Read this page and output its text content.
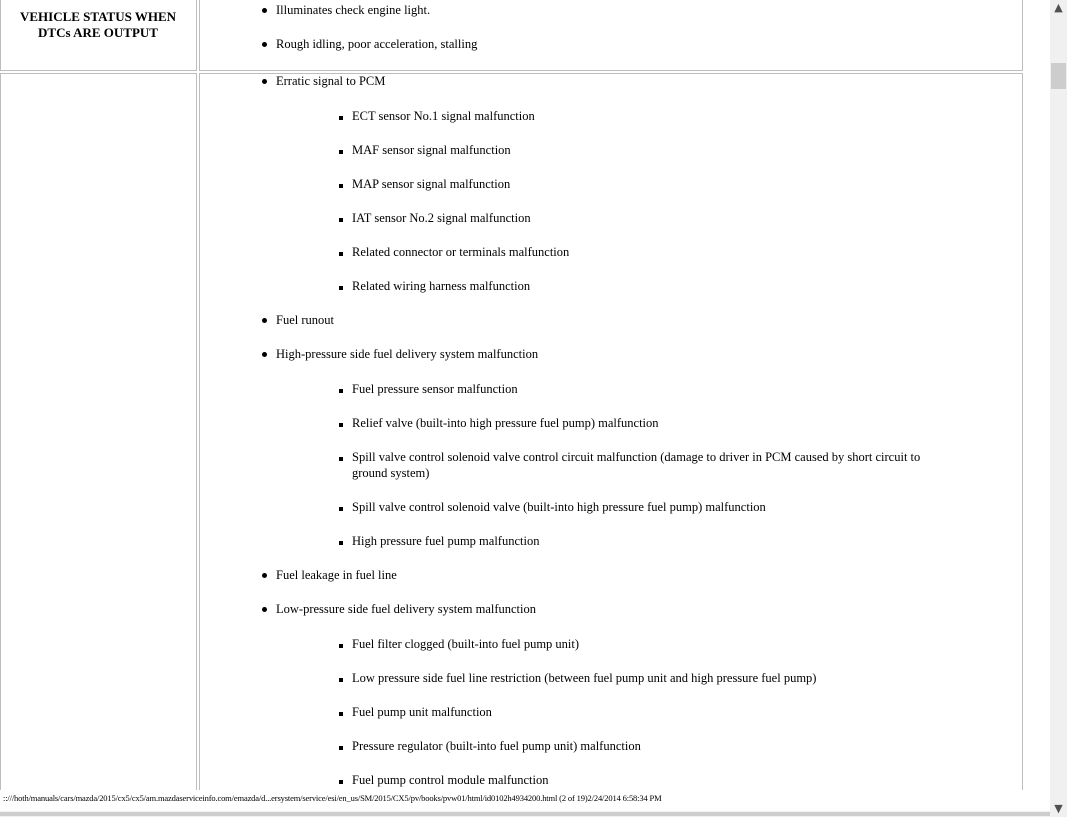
VEHICLE STATUS WHEN DTCs ARE OUTPUT
Illuminates check engine light.
Rough idling, poor acceleration, stalling
Erratic signal to PCM
ECT sensor No.1 signal malfunction
MAF sensor signal malfunction
MAP sensor signal malfunction
IAT sensor No.2 signal malfunction
Related connector or terminals malfunction
Related wiring harness malfunction
Fuel runout
High-pressure side fuel delivery system malfunction
Fuel pressure sensor malfunction
Relief valve (built-into high pressure fuel pump) malfunction
Spill valve control solenoid valve control circuit malfunction (damage to driver in PCM caused by short circuit to ground system)
Spill valve control solenoid valve (built-into high pressure fuel pump) malfunction
High pressure fuel pump malfunction
Fuel leakage in fuel line
Low-pressure side fuel delivery system malfunction
Fuel filter clogged (built-into fuel pump unit)
Low pressure side fuel line restriction (between fuel pump unit and high pressure fuel pump)
Fuel pump unit malfunction
Pressure regulator (built-into fuel pump unit) malfunction
Fuel pump control module malfunction
::///hoth/manuals/cars/mazda/2015/cx5/cx5/am.mazdaserviceinfo.com/emazda/d...ersystem/service/esi/en_us/SM/2015/CX5/pv/books/pvw01/html/id0102h4934200.html (2 of 19)2/24/2014 6:58:34 PM
▲
▼
